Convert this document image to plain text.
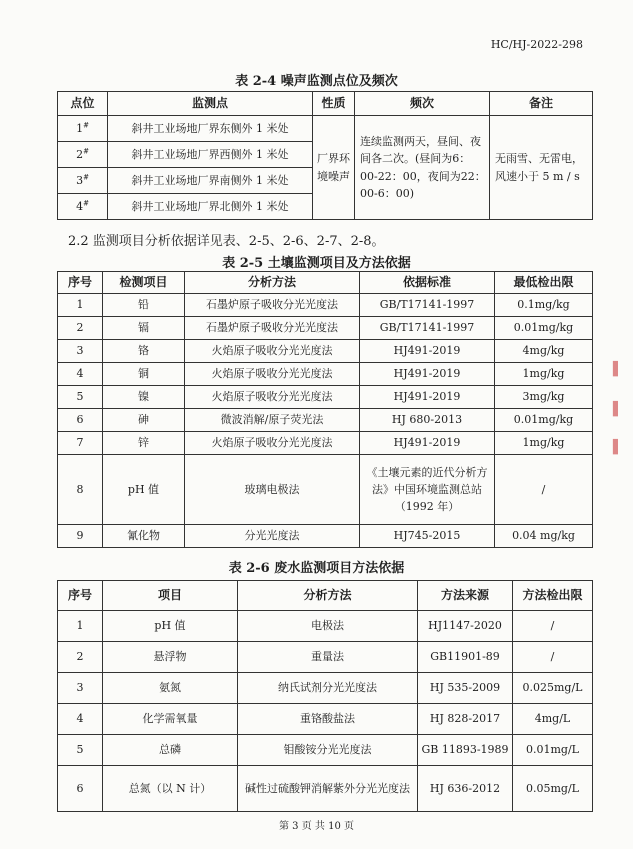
HC/HJ-2022-298
表 2-4 噪声监测点位及频次
点位	监测点	性质	频次	备注
1#	斜井工业场地厂界东侧外 1 米处	厂界环境噪声	连续监测两天，昼间、夜间各二次。(昼间为6：00-22：00，夜间为22：00-6：00)	无雨雪、无雷电，风速小于 5 m / s
2#	斜井工业场地厂界西侧外 1 米处			
3#	斜井工业场地厂界南侧外 1 米处			
4#	斜井工业场地厂界北侧外 1 米处			
2.2 监测项目分析依据详见表、2-5、2-6、2-7、2-8。
表 2-5 土壤监测项目及方法依据
序号	检测项目	分析方法	依据标准	最低检出限
1	铅	石墨炉原子吸收分光光度法	GB/T17141-1997	0.1mg/kg
2	镉	石墨炉原子吸收分光光度法	GB/T17141-1997	0.01mg/kg
3	铬	火焰原子吸收分光光度法	HJ491-2019	4mg/kg
4	铜	火焰原子吸收分光光度法	HJ491-2019	1mg/kg
5	镍	火焰原子吸收分光光度法	HJ491-2019	3mg/kg
6	砷	微波消解/原子荧光法	HJ 680-2013	0.01mg/kg
7	锌	火焰原子吸收分光光度法	HJ491-2019	1mg/kg
8	pH 值	玻璃电极法	《土壤元素的近代分析方法》中国环境监测总站（1992 年）	/
9	氰化物	分光光度法	HJ745-2015	0.04 mg/kg
表 2-6 废水监测项目方法依据
序号	项目	分析方法	方法来源	方法检出限
1	pH 值	电极法	HJ1147-2020	/
2	悬浮物	重量法	GB11901-89	/
3	氨氮	纳氏试剂分光光度法	HJ 535-2009	0.025mg/L
4	化学需氧量	重铬酸盐法	HJ 828-2017	4mg/L
5	总磷	钼酸铵分光光度法	GB 11893-1989	0.01mg/L
6	总氮（以 N 计）	碱性过硫酸钾消解紫外分光光度法	HJ 636-2012	0.05mg/L
▌
▌
▌
第 3 页 共 10 页
